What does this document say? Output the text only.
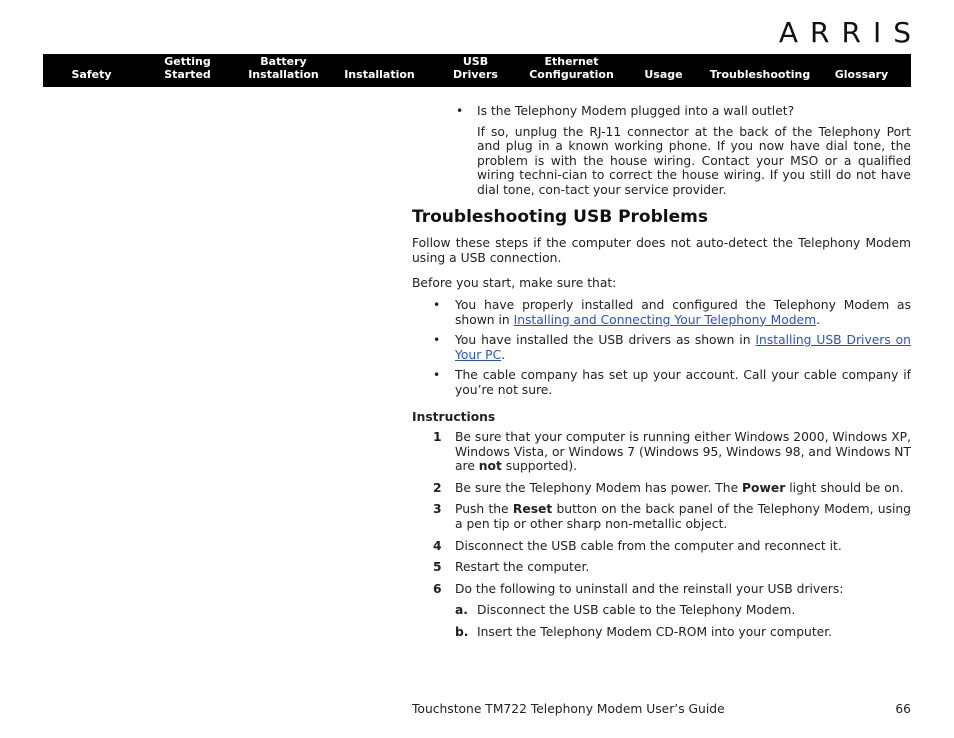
ARRIS
Safety
Getting
Started
Battery
Installation	Installation
USB
Drivers
Ethernet
Configuration	Usage	Troubleshooting	Glossary
• Is the Telephony Modem plugged into a wall outlet?
If so, unplug the RJ-11 connector at the back of the Telephony Port and plug in a known working phone. If you now have dial tone, the problem is with the house wiring. Contact your MSO or a qualified wiring techni-cian to correct the house wiring. If you still do not have dial tone, con-tact your service provider.
Troubleshooting USB Problems

Follow these steps if the computer does not auto-detect the Telephony Modem using a USB connection.

Before you start, make sure that:

• You have properly installed and configured the Telephony Modem as shown in Installing and Connecting Your Telephony Modem.
• You have installed the USB drivers as shown in Installing USB Drivers on Your PC.
• The cable company has set up your account. Call your cable company if you’re not sure.
Instructions
1 Be sure that your computer is running either Windows 2000, Windows XP, Windows Vista, or Windows 7 (Windows 95, Windows 98, and Windows NT are not supported).
2 Be sure the Telephony Modem has power. The Power light should be on.
3 Push the Reset button on the back panel of the Telephony Modem, using a pen tip or other sharp non-metallic object.
4 Disconnect the USB cable from the computer and reconnect it.
5 Restart the computer.
6 Do the following to uninstall and the reinstall your USB drivers:
a. Disconnect the USB cable to the Telephony Modem.
b. Insert the Telephony Modem CD-ROM into your computer.
Touchstone TM722 Telephony Modem User’s Guide	66
